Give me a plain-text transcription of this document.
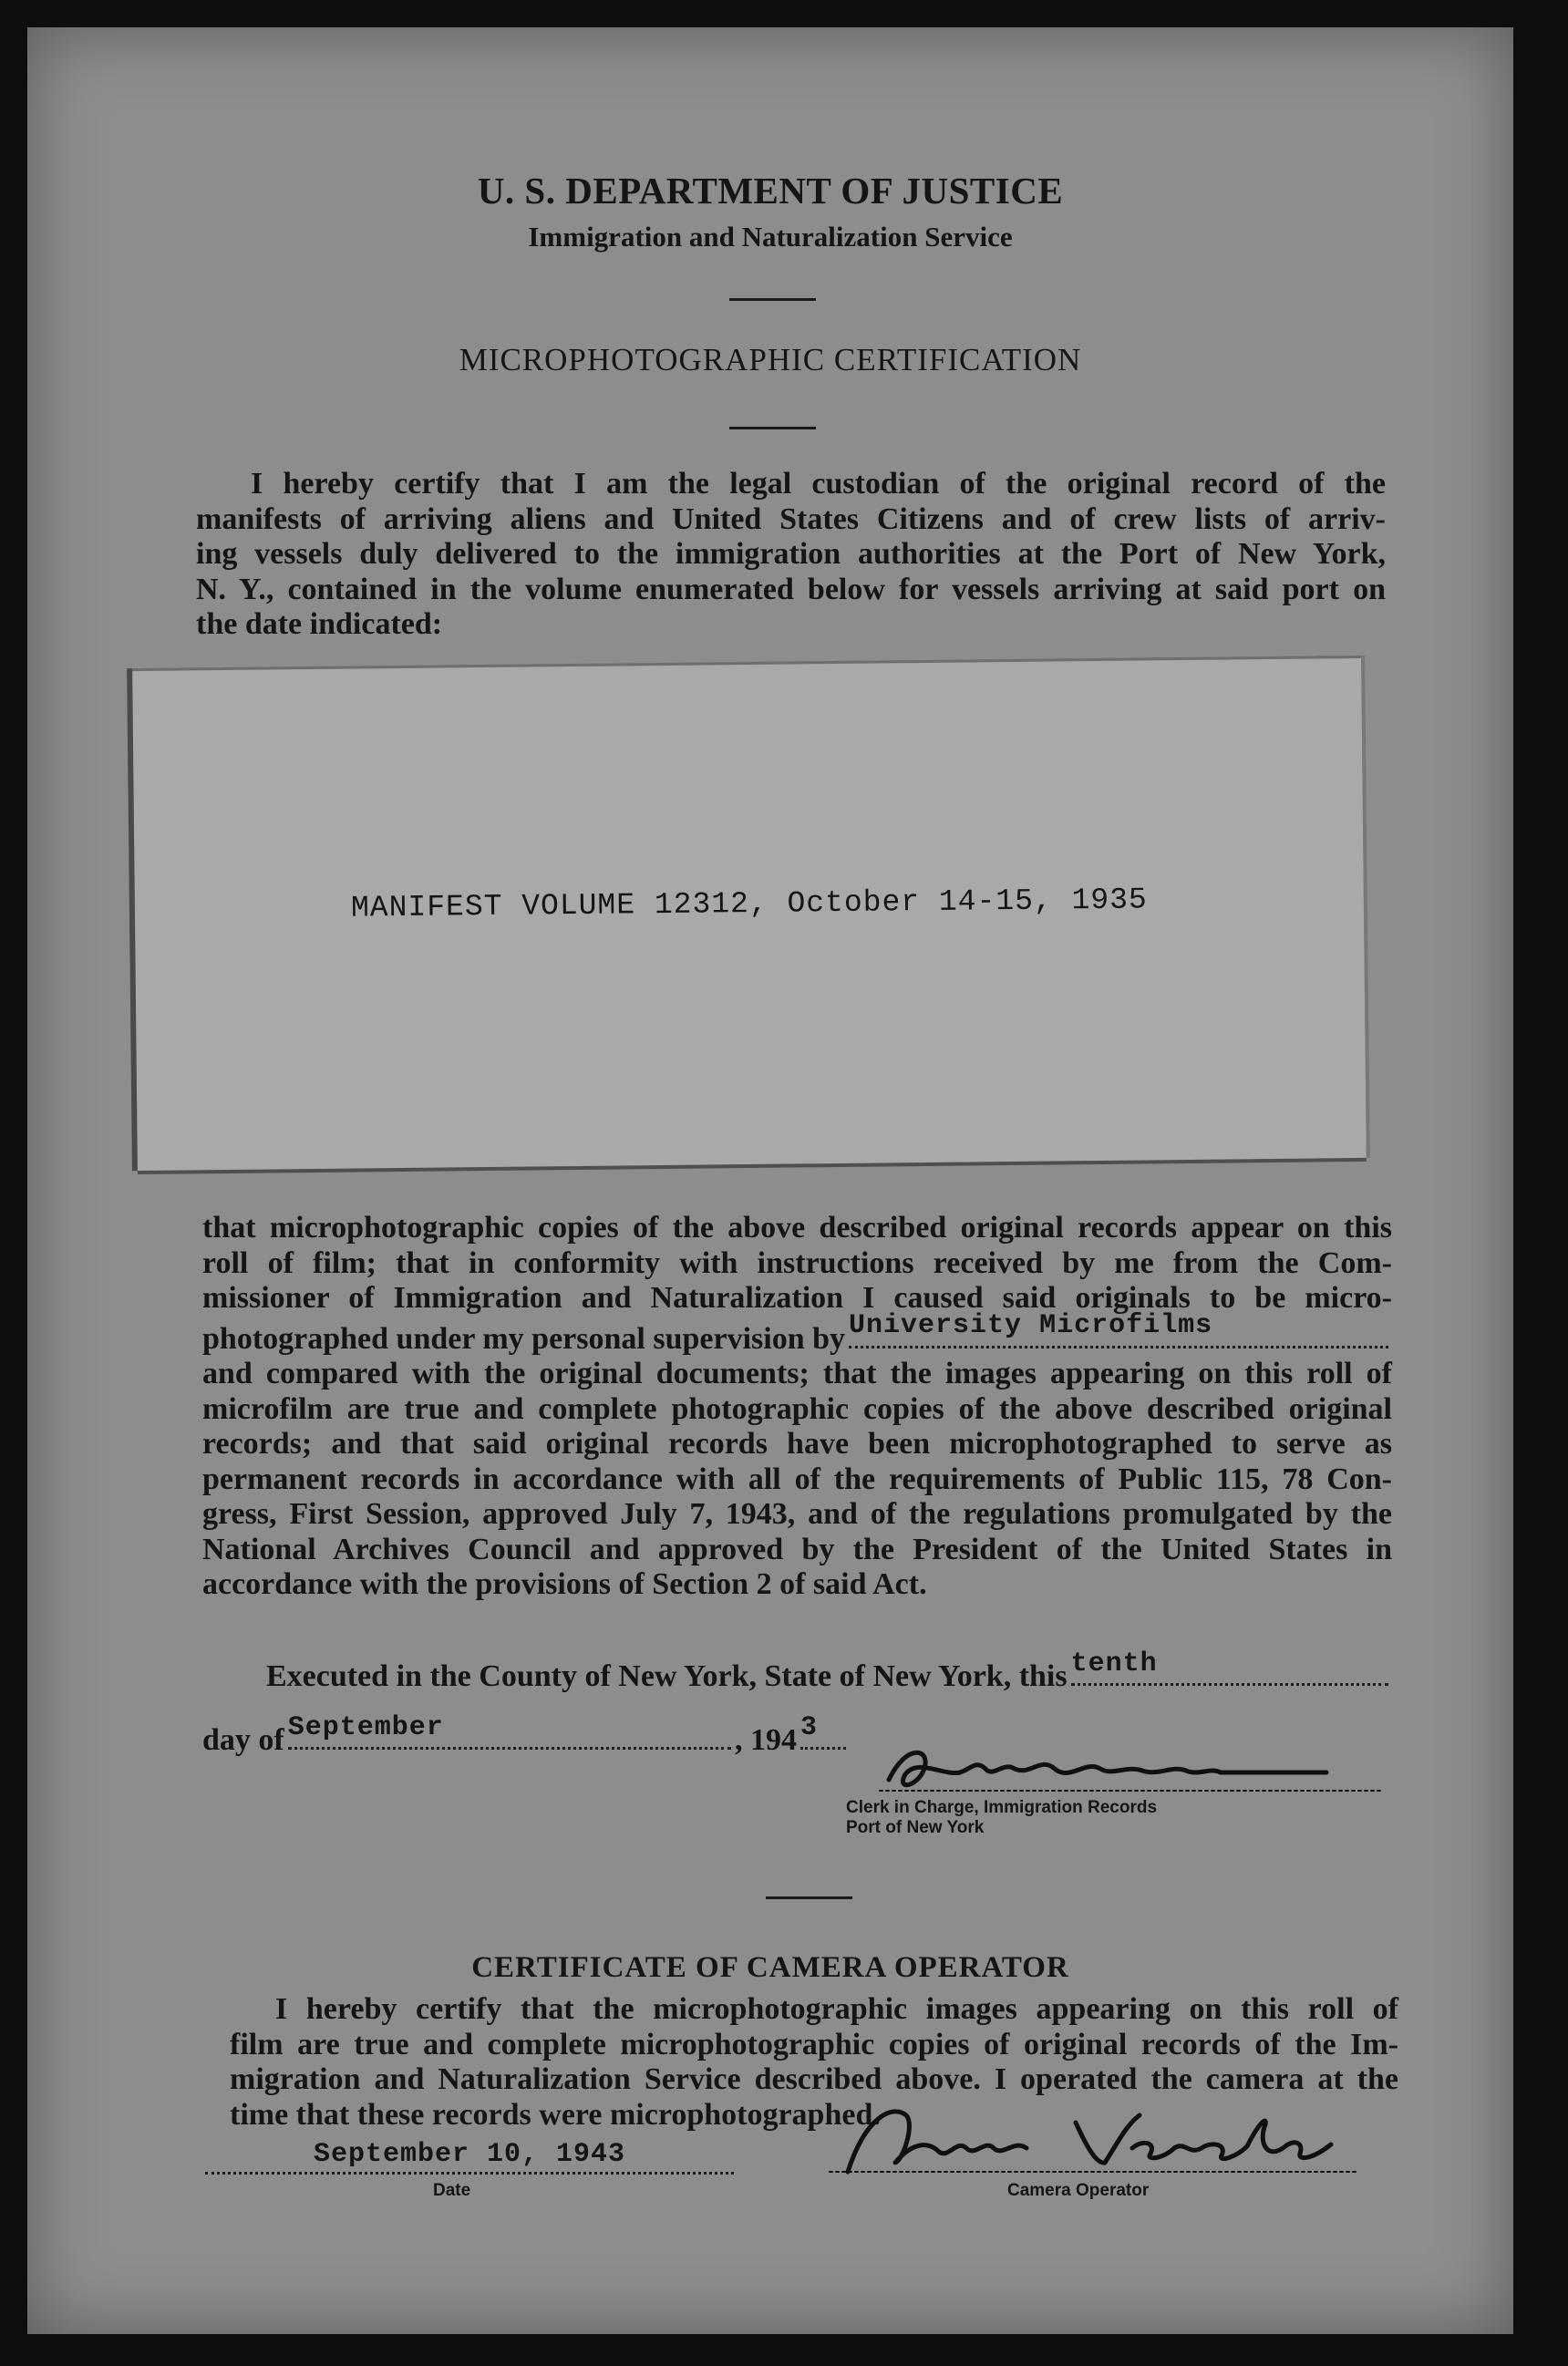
U. S. DEPARTMENT OF JUSTICE
Immigration and Naturalization Service
MICROPHOTOGRAPHIC CERTIFICATION
I hereby certify that I am the legal custodian of the original record of the
manifests of arriving aliens and United States Citizens and of crew lists of arriv-
ing vessels duly delivered to the immigration authorities at the Port of New York,
N. Y., contained in the volume enumerated below for vessels arriving at said port on
the date indicated:
MANIFEST VOLUME 12312, October 14-15, 1935
that microphotographic copies of the above described original records appear on this
roll of film; that in conformity with instructions received by me from the Com-
missioner of Immigration and Naturalization I caused said originals to be micro-
photographed under my personal supervision by University Microfilms
and compared with the original documents; that the images appearing on this roll of
microfilm are true and complete photographic copies of the above described original
records; and that said original records have been microphotographed to serve as
permanent records in accordance with all of the requirements of Public 115, 78 Con-
gress, First Session, approved July 7, 1943, and of the regulations promulgated by the
National Archives Council and approved by the President of the United States in
accordance with the provisions of Section 2 of said Act.
Executed in the County of New York, State of New York, this tenth
day of September	, 194 3
Clerk in Charge, Immigration Records
Port of New York
CERTIFICATE OF CAMERA OPERATOR
I hereby certify that the microphotographic images appearing on this roll of
film are true and complete microphotographic copies of original records of the Im-
migration and Naturalization Service described above. I operated the camera at the
time that these records were microphotographed.
September 10, 1943
Date	Camera Operator
